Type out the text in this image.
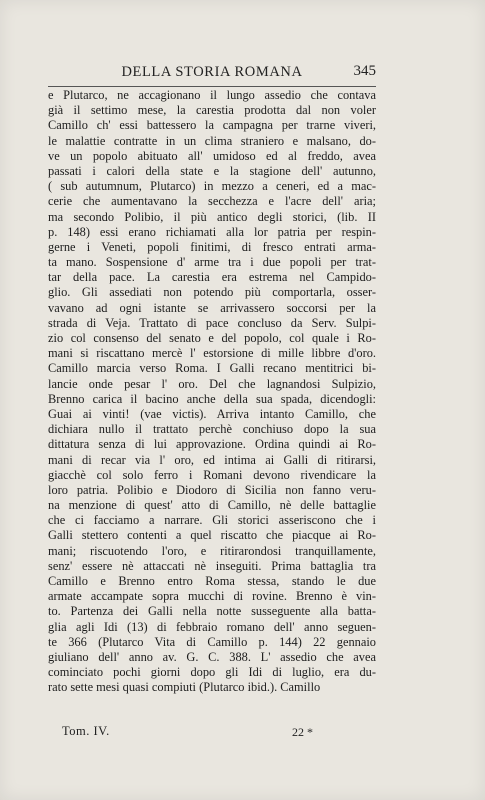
DELLA STORIA ROMANA	345
e Plutarco, ne accagionano il lungo assedio che contava
già il settimo mese, la carestia prodotta dal non voler
Camillo ch' essi battessero la campagna per trarne viveri,
le malattie contratte in un clima straniero e malsano, do-
ve un popolo abituato all' umidoso ed al freddo, avea
passati i calori della state e la stagione dell' autunno,
( sub autumnum, Plutarco) in mezzo a ceneri, ed a mac-
cerie che aumentavano la secchezza e l'acre dell' aria;
ma secondo Polibio, il più antico degli storici, (lib. II
p. 148) essi erano richiamati alla lor patria per respin-
gerne i Veneti, popoli finitimi, di fresco entrati arma-
ta mano. Sospensione d' arme tra i due popoli per trat-
tar della pace. La carestia era estrema nel Campido-
glio. Gli assediati non potendo più comportarla, osser-
vavano ad ogni istante se arrivassero soccorsi per la
strada di Veja. Trattato di pace concluso da Serv. Sulpi-
zio col consenso del senato e del popolo, col quale i Ro-
mani si riscattano mercè l' estorsione di mille libbre d'oro.
Camillo marcia verso Roma. I Galli recano mentitrici bi-
lancie onde pesar l' oro. Del che lagnandosi Sulpizio,
Brenno carica il bacino anche della sua spada, dicendogli:
Guai ai vinti! (vae victis). Arriva intanto Camillo, che
dichiara nullo il trattato perchè conchiuso dopo la sua
dittatura senza di lui approvazione. Ordina quindi ai Ro-
mani di recar via l' oro, ed intima ai Galli di ritirarsi,
giacchè col solo ferro i Romani devono rivendicare la
loro patria. Polibio e Diodoro di Sicilia non fanno veru-
na menzione di quest' atto di Camillo, nè delle battaglie
che ci facciamo a narrare. Gli storici asseriscono che i
Galli stettero contenti a quel riscatto che piacque ai Ro-
mani; riscuotendo l'oro, e ritirarondosi tranquillamente,
senz' essere nè attaccati nè inseguiti. Prima battaglia tra
Camillo e Brenno entro Roma stessa, stando le due
armate accampate sopra mucchi di rovine. Brenno è vin-
to. Partenza dei Galli nella notte susseguente alla batta-
glia agli Idi (13) di febbraio romano dell' anno seguen-
te 366 (Plutarco Vita di Camillo p. 144) 22 gennaio
giuliano dell' anno av. G. C. 388. L' assedio che avea
cominciato pochi giorni dopo gli Idi di luglio, era du-
rato sette mesi quasi compiuti (Plutarco ibid.). Camillo
Tom. IV.	22 *
